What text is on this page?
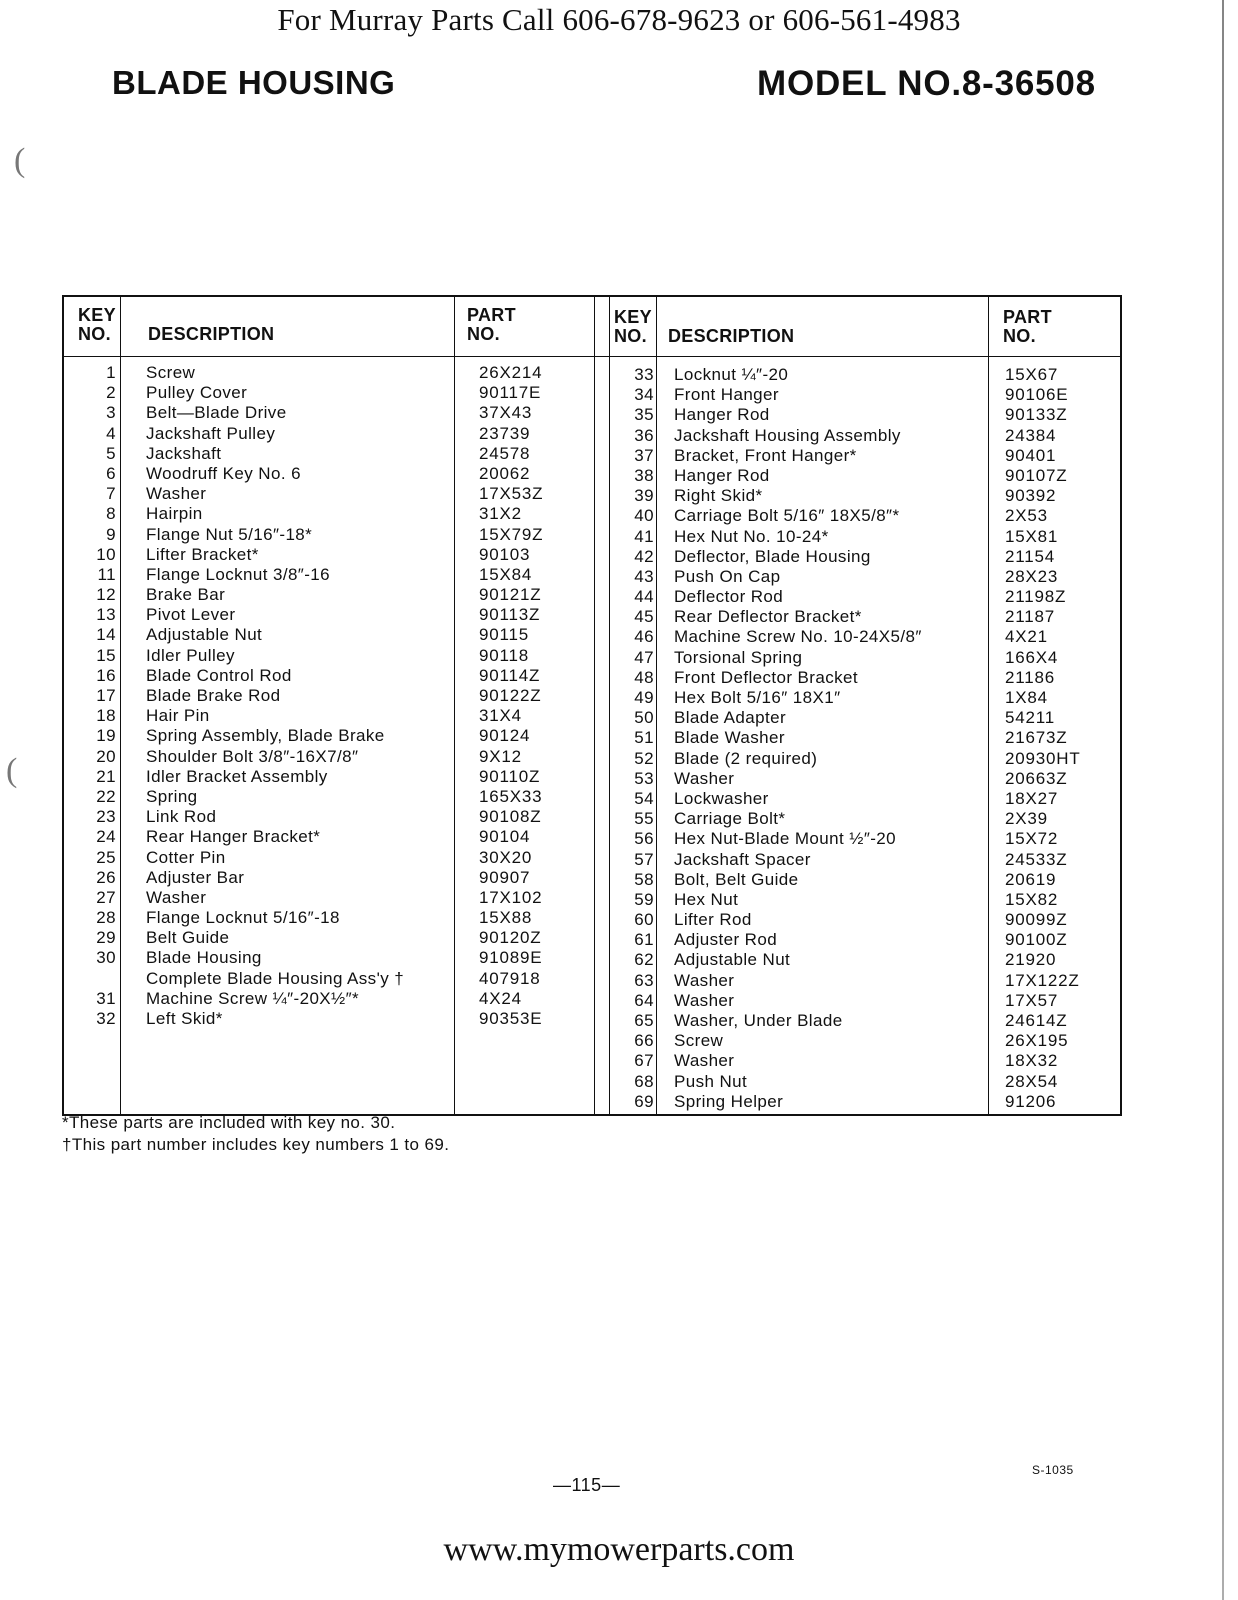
For Murray Parts Call 606-678-9623 or 606-561-4983
BLADE HOUSING	MODEL NO.8-36508
(
(
KEY
NO. DESCRIPTION
PART
NO.
1 Screw	26X214
2 Pulley Cover	90117E
3 Belt—Blade Drive	37X43
4 Jackshaft Pulley	23739
5 Jackshaft	24578
6 Woodruff Key No. 6	20062
7 Washer	17X53Z
8 Hairpin	31X2
9 Flange Nut 5/16″-18*	15X79Z
10 Lifter Bracket*	90103
11 Flange Locknut 3/8″-16	15X84
12 Brake Bar	90121Z
13 Pivot Lever	90113Z
14 Adjustable Nut	90115
15 Idler Pulley	90118
16 Blade Control Rod	90114Z
17 Blade Brake Rod	90122Z
18 Hair Pin	31X4
19 Spring Assembly, Blade Brake	90124
20 Shoulder Bolt 3/8″-16X7/8″	9X12
21 Idler Bracket Assembly	90110Z
22 Spring	165X33
23 Link Rod	90108Z
24 Rear Hanger Bracket*	90104
25 Cotter Pin	30X20
26 Adjuster Bar	90907
27 Washer	17X102
28 Flange Locknut 5/16″-18	15X88
29 Belt Guide	90120Z
30 Blade Housing	91089E
Complete Blade Housing Ass'y †	407918
31 Machine Screw ¼″-20X½″*	4X24
32 Left Skid*	90353E
KEY
NO. DESCRIPTION
PART
NO.
33 Locknut ¼″-20	15X67
34 Front Hanger	90106E
35 Hanger Rod	90133Z
36 Jackshaft Housing Assembly	24384
37 Bracket, Front Hanger*	90401
38 Hanger Rod	90107Z
39 Right Skid*	90392
40 Carriage Bolt 5/16″ 18X5/8″*	2X53
41 Hex Nut No. 10-24*	15X81
42 Deflector, Blade Housing	21154
43 Push On Cap	28X23
44 Deflector Rod	21198Z
45 Rear Deflector Bracket*	21187
46 Machine Screw No. 10-24X5/8″	4X21
47 Torsional Spring	166X4
48 Front Deflector Bracket	21186
49 Hex Bolt 5/16″ 18X1″	1X84
50 Blade Adapter	54211
51 Blade Washer	21673Z
52 Blade (2 required)	20930HT
53 Washer	20663Z
54 Lockwasher	18X27
55 Carriage Bolt*	2X39
56 Hex Nut-Blade Mount ½″-20	15X72
57 Jackshaft Spacer	24533Z
58 Bolt, Belt Guide	20619
59 Hex Nut	15X82
60 Lifter Rod	90099Z
61 Adjuster Rod	90100Z
62 Adjustable Nut	21920
63 Washer	17X122Z
64 Washer	17X57
65 Washer, Under Blade	24614Z
66 Screw	26X195
67 Washer	18X32
68 Push Nut	28X54
69 Spring Helper	91206
*These parts are included with key no. 30.
†This part number includes key numbers 1 to 69.
—115—
S-1035
www.mymowerparts.com
